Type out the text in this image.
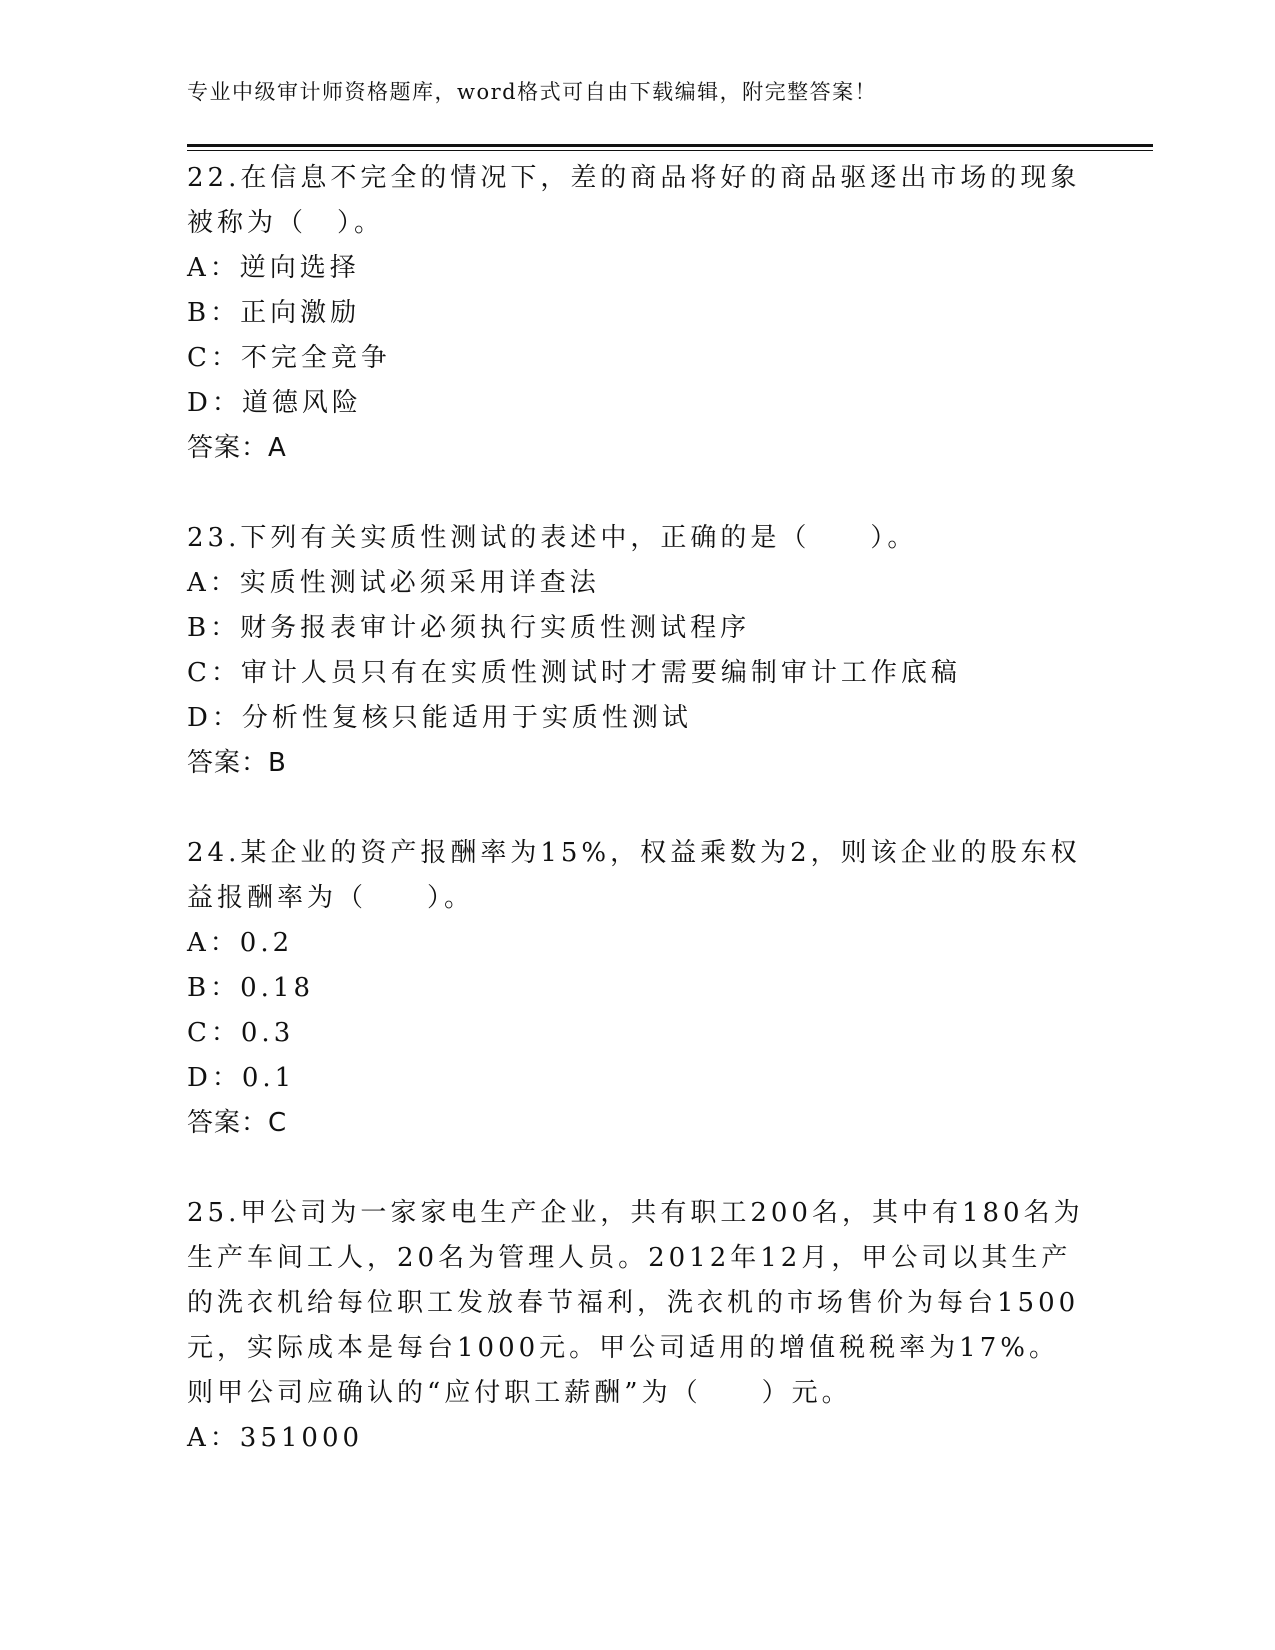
专业中级审计师资格题库，word格式可自由下载编辑，附完整答案！

22.在信息不完全的情况下，差的商品将好的商品驱逐出市场的现象被称为（　）。

A：逆向选择

B：正向激励

C：不完全竞争

D：道德风险

答案：A

23.下列有关实质性测试的表述中，正确的是（　　）。

A：实质性测试必须采用详查法

B：财务报表审计必须执行实质性测试程序

C：审计人员只有在实质性测试时才需要编制审计工作底稿

D：分析性复核只能适用于实质性测试

答案：B

24.某企业的资产报酬率为15%，权益乘数为2，则该企业的股东权益报酬率为（　　）。

A：0.2

B：0.18

C：0.3

D：0.1

答案：C

25.甲公司为一家家电生产企业，共有职工200名，其中有180名为生产车间工人，20名为管理人员。2012年12月，甲公司以其生产的洗衣机给每位职工发放春节福利，洗衣机的市场售价为每台1500元，实际成本是每台1000元。甲公司适用的增值税税率为17%。则甲公司应确认的“应付职工薪酬”为（　　）元。

A：351000
